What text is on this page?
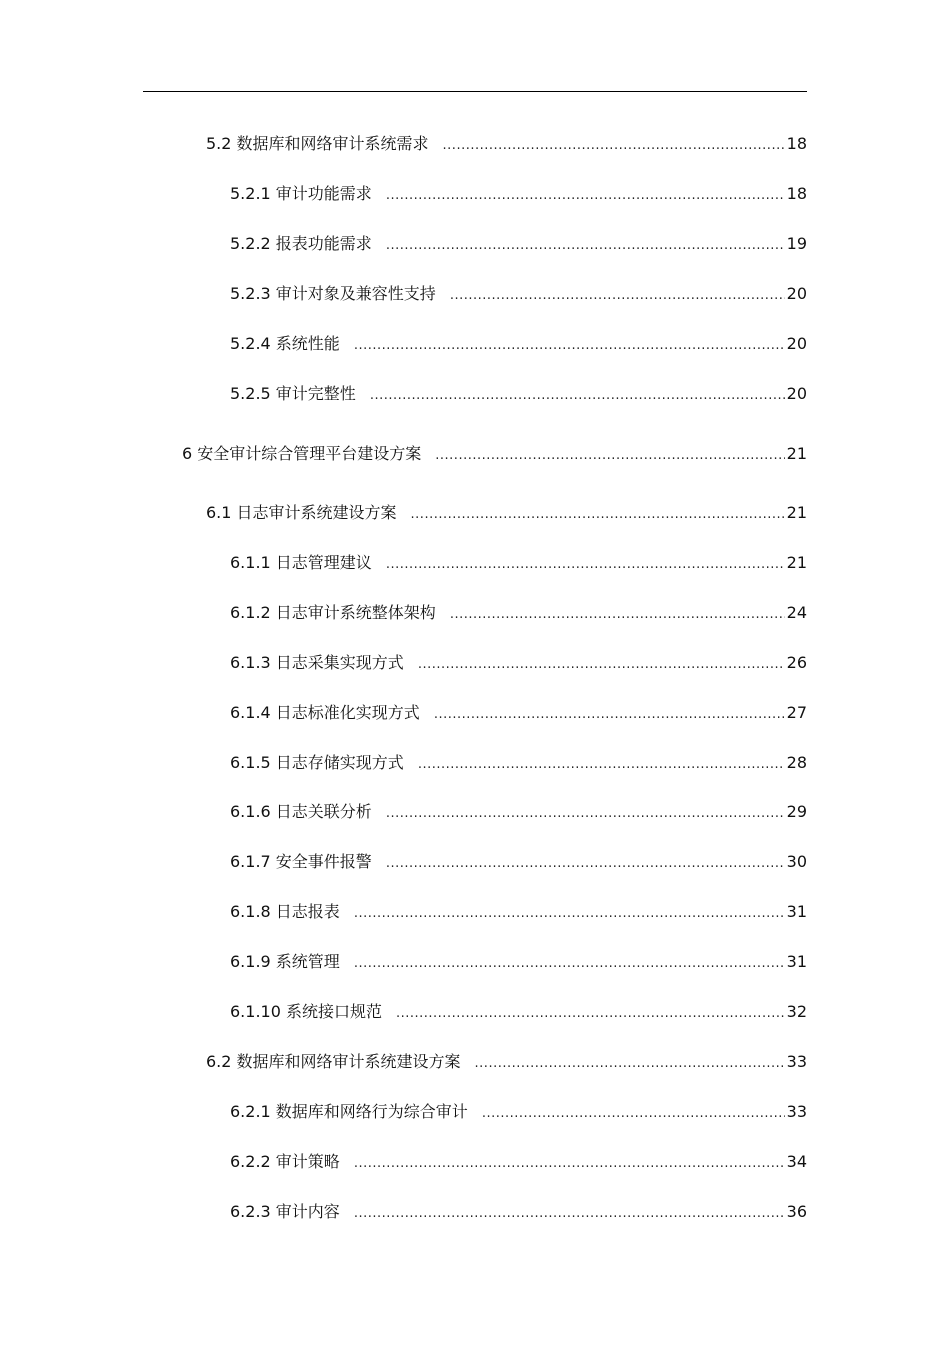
5.2 数据库和网络审计系统需求 .....	18
5.2.1 审计功能需求 .....	18
5.2.2 报表功能需求 .....	19
5.2.3 审计对象及兼容性支持 .....	20
5.2.4 系统性能 .....	20
5.2.5 审计完整性 .....	20
6 安全审计综合管理平台建设方案 .....	21
6.1 日志审计系统建设方案 .....	21
6.1.1 日志管理建议 .....	21
6.1.2 日志审计系统整体架构 .....	24
6.1.3 日志采集实现方式 .....	26
6.1.4 日志标准化实现方式 .....	27
6.1.5 日志存储实现方式 .....	28
6.1.6 日志关联分析 .....	29
6.1.7 安全事件报警 .....	30
6.1.8 日志报表 .....	31
6.1.9 系统管理 .....	31
6.1.10 系统接口规范 .....	32
6.2 数据库和网络审计系统建设方案 .....	33
6.2.1 数据库和网络行为综合审计 .....	33
6.2.2 审计策略 .....	34
6.2.3 审计内容 .....	36
